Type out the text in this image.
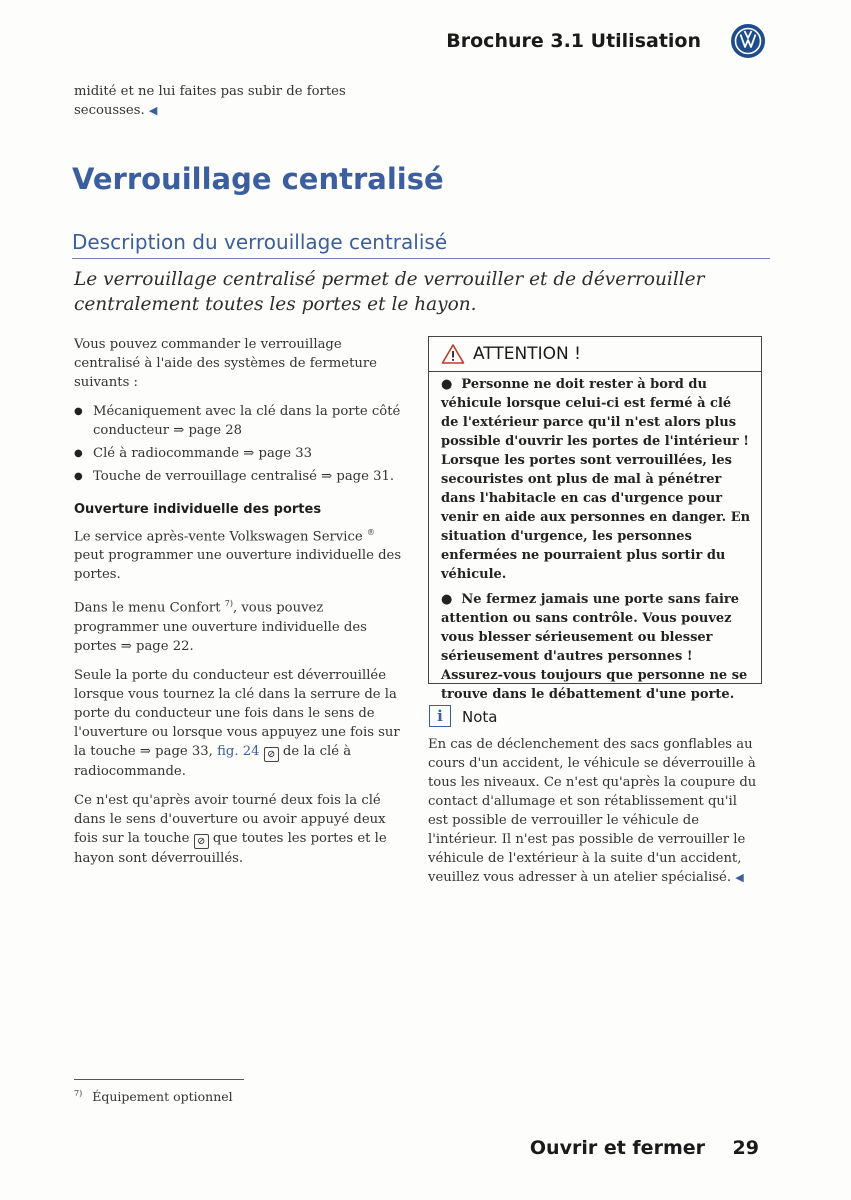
Brochure 3.1 Utilisation
midité et ne lui faites pas subir de fortes secousses. ◀
Verrouillage centralisé
Description du verrouillage centralisé
Le verrouillage centralisé permet de verrouiller et de déverrouiller centralement toutes les portes et le hayon.

Vous pouvez commander le verrouillage centralisé à l'aide des systèmes de fermeture suivants :

● Mécaniquement avec la clé dans la porte côté conducteur ⇒ page 28
● Clé à radiocommande ⇒ page 33
● Touche de verrouillage centralisé ⇒ page 31.
Ouverture individuelle des portes

Le service après-vente Volkswagen Service ® peut programmer une ouverture individuelle des portes.

Dans le menu Confort $^{7)}$, vous pouvez programmer une ouverture individuelle des portes ⇒ page 22.

Seule la porte du conducteur est déverrouillée lorsque vous tournez la clé dans la serrure de la porte du conducteur une fois dans le sens de l'ouverture ou lorsque vous appuyez une fois sur la touche ⇒ page 33, fig. 24 ⊘ de la clé à radiocommande.

Ce n'est qu'après avoir tourné deux fois la clé dans le sens d'ouverture ou avoir appuyé deux fois sur la touche ⊘ que toutes les portes et le hayon sont déverrouillés.

ATTENTION !

●  Personne ne doit rester à bord du véhicule lorsque celui-ci est fermé à clé de l'extérieur parce qu'il n'est alors plus possible d'ouvrir les portes de l'intérieur ! Lorsque les portes sont verrouillées, les secouristes ont plus de mal à pénétrer dans l'habitacle en cas d'urgence pour venir en aide aux personnes en danger. En situation d'urgence, les personnes enfermées ne pourraient plus sortir du véhicule.

●  Ne fermez jamais une porte sans faire attention ou sans contrôle. Vous pouvez vous blesser sérieusement ou blesser sérieusement d'autres personnes ! Assurez-vous toujours que personne ne se trouve dans le débattement d'une porte.

i	Nota
En cas de déclenchement des sacs gonflables au cours d'un accident, le véhicule se déverrouille à tous les niveaux. Ce n'est qu'après la coupure du contact d'allumage et son rétablissement qu'il est possible de verrouiller le véhicule de l'intérieur. Il n'est pas possible de verrouiller le véhicule de l'extérieur à la suite d'un accident, veuillez vous adresser à un atelier spécialisé. ◀
$^{7)}$ Équipement optionnel
Ouvrir et fermer 29
